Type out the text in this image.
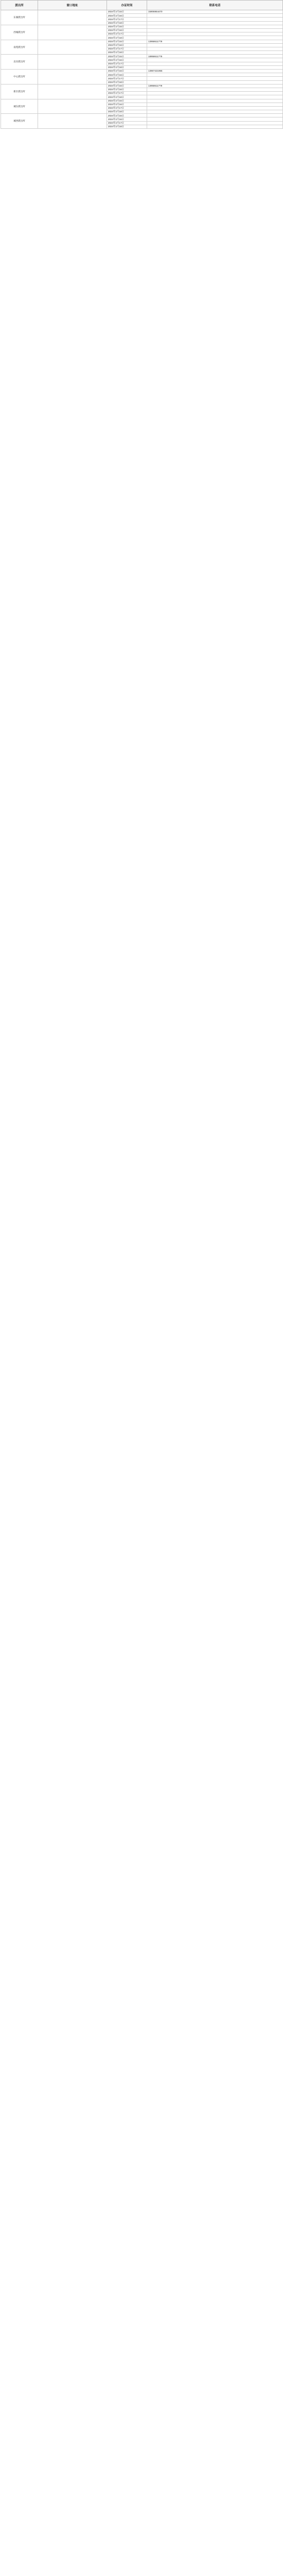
派出所	窗口地址	办证时间	联系电话
东湖派出所		2024年2月15日	15906954470
		2024年2月16日	
		2024年2月17日	
		2024年2月18日	
西城派出所		2024年2月15日	
		2024年2月16日	
		2024年2月17日	
		2024年2月18日	
南苑派出所		2024年2月15日	13958611779
		2024年2月16日	
		2024年2月17日	
		2024年2月18日	
北岸派出所		2024年2月15日	18958611779
		2024年2月16日	
		2024年2月17日	
		2024年2月18日	
中心派出所		2024年2月15日	13967421966
		2024年2月16日	
		2024年2月17日	
		2024年2月18日	
新区派出所		2024年2月15日	13958611779
		2024年2月16日	
		2024年2月17日	
		2024年2月18日	
城东派出所		2024年2月15日	
		2024年2月16日	
		2024年2月17日	
		2024年2月18日	
城西派出所		2024年2月15日	
		2024年2月16日	
		2024年2月17日	
		2024年2月18日	
